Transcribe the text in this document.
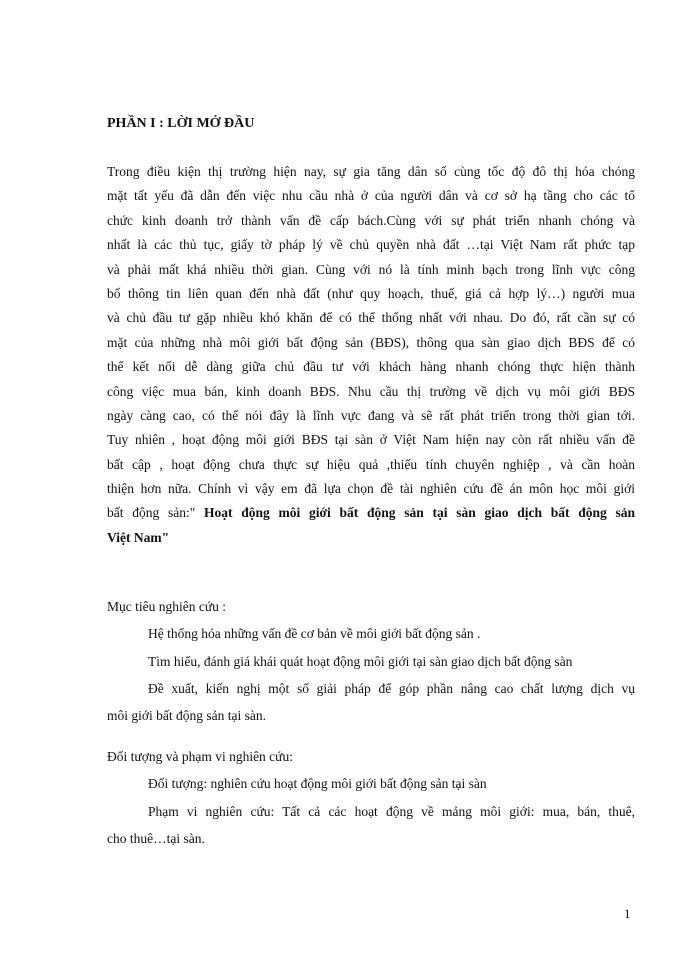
PHẦN I : LỜI MỞ ĐẦU
Trong điều kiện thị trường hiện nay, sự gia tăng dân số cùng tốc độ đô thị hóa chóng
mặt tất yếu đã dẫn đến việc nhu cầu nhà ở của người dân và cơ sở hạ tầng cho các tổ
chức kinh doanh trở thành vấn đề cấp bách.Cùng với sự phát triển nhanh chóng và
nhất là các thủ tục, giấy tờ pháp lý về chủ quyền nhà đất …tại Việt Nam rất phức tạp
và phải mất khá nhiều thời gian. Cùng với nó là tính minh bạch trong lĩnh vực công
bố thông tin liên quan đến nhà đất (như quy hoạch, thuế, giá cả hợp lý…) người mua
và chủ đầu tư gặp nhiều khó khăn để có thể thống nhất với nhau. Do đó, rất cần sự có
mặt của những nhà môi giới bất động sản (BĐS), thông qua sàn giao dịch BĐS để có
thể kết nối dễ dàng giữa chủ đầu tư với khách hàng nhanh chóng thực hiện thành
công việc mua bán, kinh doanh BĐS. Nhu cầu thị trường về dịch vụ môi giới BĐS
ngày càng cao, có thể nói đây là lĩnh vực đang và sẽ rất phát triển trong thời gian tới.
Tuy nhiên , hoạt động môi giới BĐS tại sàn ở Việt Nam hiện nay còn rất nhiều vấn đề
bất cập , hoạt động chưa thực sự hiệu quả ,thiếu tính chuyên nghiệp , và cần hoàn
thiện hơn nữa. Chính vì vậy em đã lựa chọn đề tài nghiên cứu đề án môn học môi giới
bất động sản:" Hoạt động môi giới bất động sản tại sàn giao dịch bất động sản
Việt Nam"
Mục tiêu nghiên cứu :
Hệ thống hóa những vấn đề cơ bản về môi giới bất động sản .
Tìm hiểu, đánh giá khái quát hoạt động môi giới tại sàn giao dịch bất động sàn
Đề xuất, kiến nghị một số giải pháp để góp phần nâng cao chất lượng dịch vụ
môi giới bất động sản tại sàn.
Đối tượng và phạm vi nghiên cứu:
Đối tượng: nghiên cứu hoạt động môi giới bất động sản tại sàn
Phạm vi nghiên cứu: Tất cả các hoạt động về mảng môi giới: mua, bán, thuê,
cho thuê…tại sàn.
1
